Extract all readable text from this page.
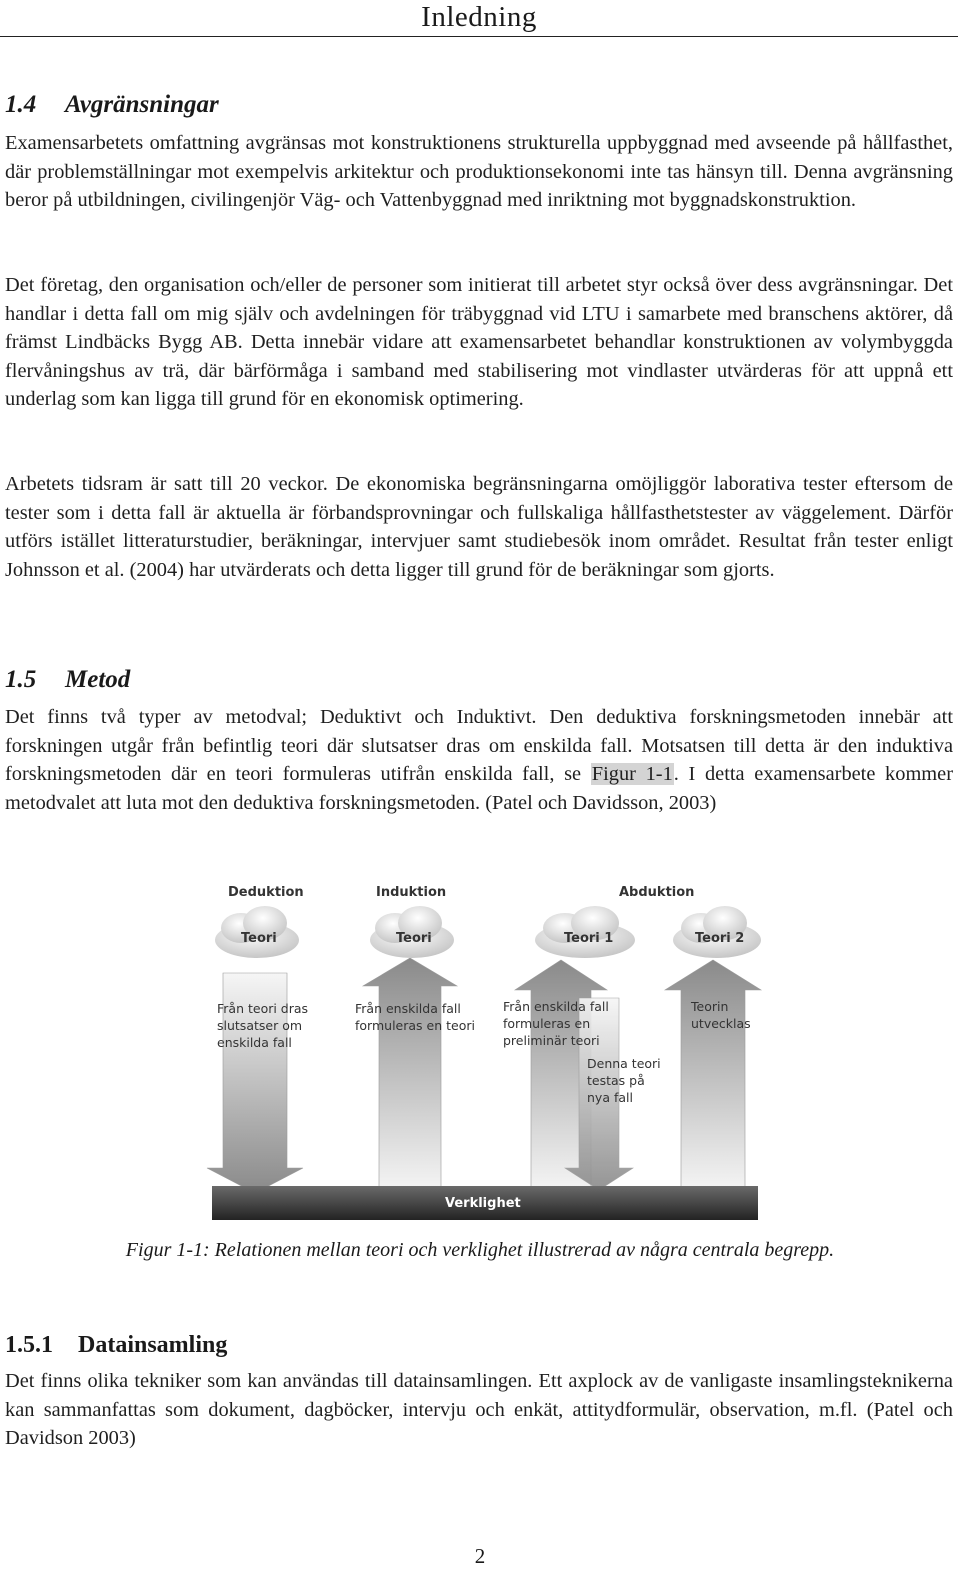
Inledning
1.4 Avgränsningar

Examensarbetets omfattning avgränsas mot konstruktionens strukturella uppbyggnad med avseende på hållfasthet, där problemställningar mot exempelvis arkitektur och produktionsekonomi inte tas hänsyn till. Denna avgränsning beror på utbildningen, civilingenjör Väg- och Vattenbyggnad med inriktning mot byggnadskonstruktion.

Det företag, den organisation och/eller de personer som initierat till arbetet styr också över dess avgränsningar. Det handlar i detta fall om mig själv och avdelningen för träbyggnad vid LTU i samarbete med branschens aktörer, då främst Lindbäcks Bygg AB. Detta innebär vidare att examensarbetet behandlar konstruktionen av volymbyggda flervåningshus av trä, där bärförmåga i samband med stabilisering mot vindlaster utvärderas för att uppnå ett underlag som kan ligga till grund för en ekonomisk optimering.

Arbetets tidsram är satt till 20 veckor. De ekonomiska begränsningarna omöjliggör laborativa tester eftersom de tester som i detta fall är aktuella är förbandsprovningar och fullskaliga hållfasthetstester av väggelement. Därför utförs istället litteraturstudier, beräkningar, intervjuer samt studiebesök inom området. Resultat från tester enligt Johnsson et al. (2004) har utvärderats och detta ligger till grund för de beräkningar som gjorts.

1.5 Metod

Det finns två typer av metodval; Deduktivt och Induktivt. Den deduktiva forskningsmetoden innebär att forskningen utgår från befintlig teori där slutsatser dras om enskilda fall. Motsatsen till detta är den induktiva forskningsmetoden där en teori formuleras utifrån enskilda fall, se Figur 1-1. I detta examensarbete kommer metodvalet att luta mot den deduktiva forskningsmetoden. (Patel och Davidsson, 2003)

Deduktion	Induktion	Abduktion
Teori	Teori	Teori 1	Teori 2
Från teori dras
slutsatser om
enskilda fall
Från enskilda fall
formuleras en teori
Från enskilda fall
formuleras en
preliminär teori
Denna teori
testas på
nya fall
Teorin
utvecklas
Verklighet
Figur 1-1: Relationen mellan teori och verklighet illustrerad av några centrala begrepp.
1.5.1 Datainsamling

Det finns olika tekniker som kan användas till datainsamlingen. Ett axplock av de vanligaste insamlingsteknikerna kan sammanfattas som dokument, dagböcker, intervju och enkät, attitydformulär, observation, m.fl. (Patel och Davidson 2003)

2
